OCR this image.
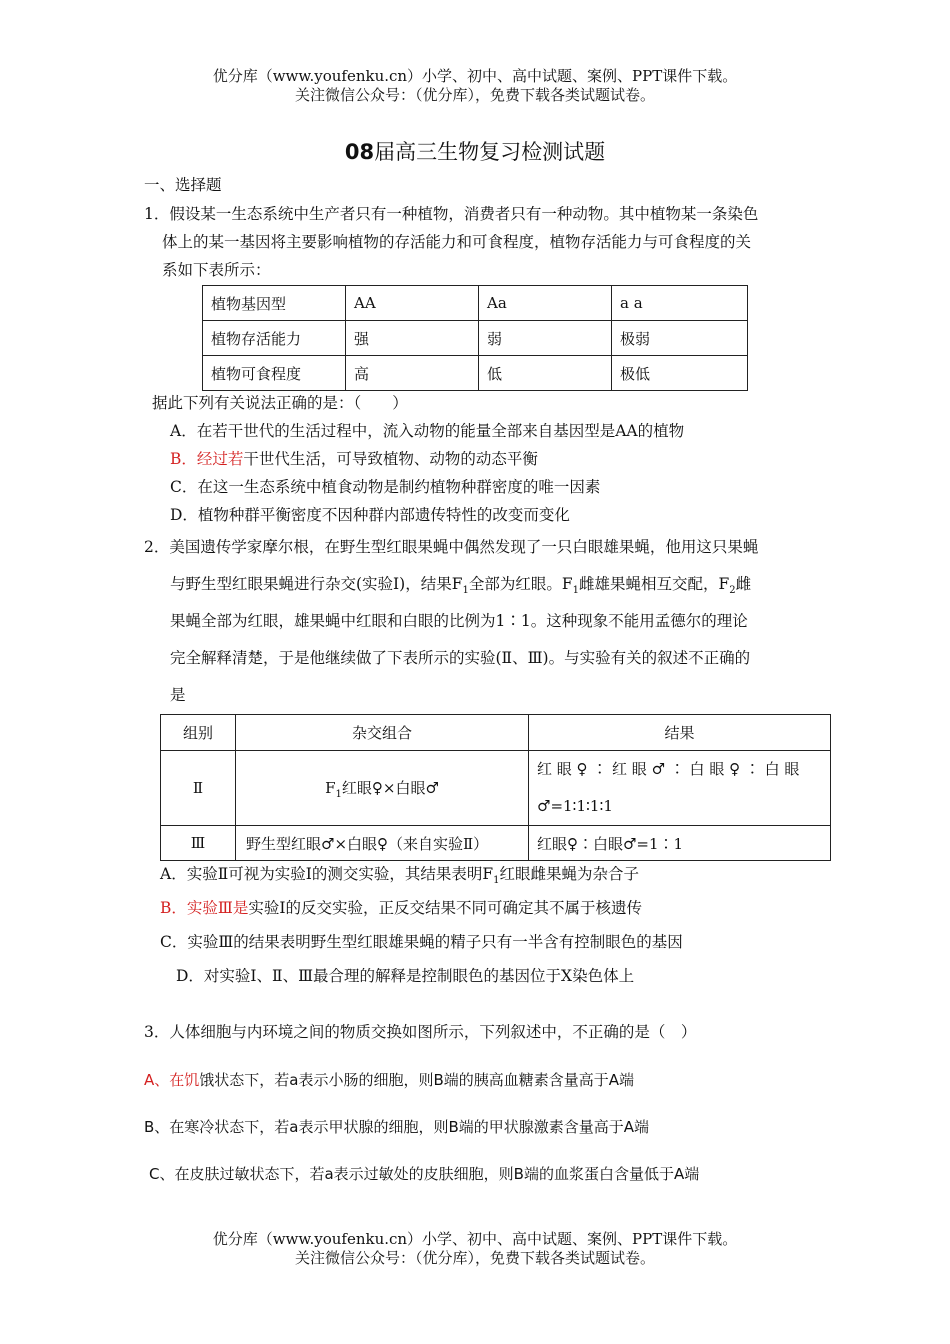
优分库（www.youfenku.cn）小学、初中、高中试题、案例、PPT课件下载。
关注微信公众号：（优分库），免费下载各类试题试卷。
08届高三生物复习检测试题
一、选择题
1．假设某一生态系统中生产者只有一种植物，消费者只有一种动物。其中植物某一条染色
体上的某一基因将主要影响植物的存活能力和可食程度，植物存活能力与可食程度的关
系如下表所示：
植物基因型	AA	Aa	a a
植物存活能力	强	弱	极弱
植物可食程度	高	低	极低
据此下列有关说法正确的是：（　　）
A．在若干世代的生活过程中，流入动物的能量全部来自基因型是AA的植物
B．经过若干世代生活，可导致植物、动物的动态平衡
C．在这一生态系统中植食动物是制约植物种群密度的唯一因素
D．植物种群平衡密度不因种群内部遗传特性的改变而变化
2．美国遗传学家摩尔根，在野生型红眼果蝇中偶然发现了一只白眼雄果蝇，他用这只果蝇
与野生型红眼果蝇进行杂交(实验Ⅰ)，结果$F_1$全部为红眼。$F_1$雌雄果蝇相互交配，$F_2$雌
果蝇全部为红眼，雄果蝇中红眼和白眼的比例为1∶1。这种现象不能用孟德尔的理论
完全解释清楚，于是他继续做了下表所示的实验(Ⅱ、Ⅲ)。与实验有关的叙述不正确的
是
组别	杂交组合	结果
Ⅱ	$F_1$红眼♀×白眼♂	红 眼 ♀ ∶ 红 眼 ♂ ∶ 白 眼 ♀ ∶ 白 眼
♂=1∶1∶1∶1

Ⅲ	野生型红眼♂×白眼♀（来自实验Ⅱ）	红眼♀∶白眼♂=1∶1
A．实验Ⅱ可视为实验Ⅰ的测交实验，其结果表明$F_1$红眼雌果蝇为杂合子
B．实验Ⅲ是实验Ⅰ的反交实验，正反交结果不同可确定其不属于核遗传
C．实验Ⅲ的结果表明野生型红眼雄果蝇的精子只有一半含有控制眼色的基因
D．对实验Ⅰ、Ⅱ、Ⅲ最合理的解释是控制眼色的基因位于X染色体上
3．人体细胞与内环境之间的物质交换如图所示，下列叙述中，不正确的是（　）
A、在饥饿状态下，若a表示小肠的细胞，则B端的胰高血糖素含量高于A端
B、在寒冷状态下，若a表示甲状腺的细胞，则B端的甲状腺激素含量高于A端
C、在皮肤过敏状态下，若a表示过敏处的皮肤细胞，则B端的血浆蛋白含量低于A端
优分库（www.youfenku.cn）小学、初中、高中试题、案例、PPT课件下载。
关注微信公众号：（优分库），免费下载各类试题试卷。
